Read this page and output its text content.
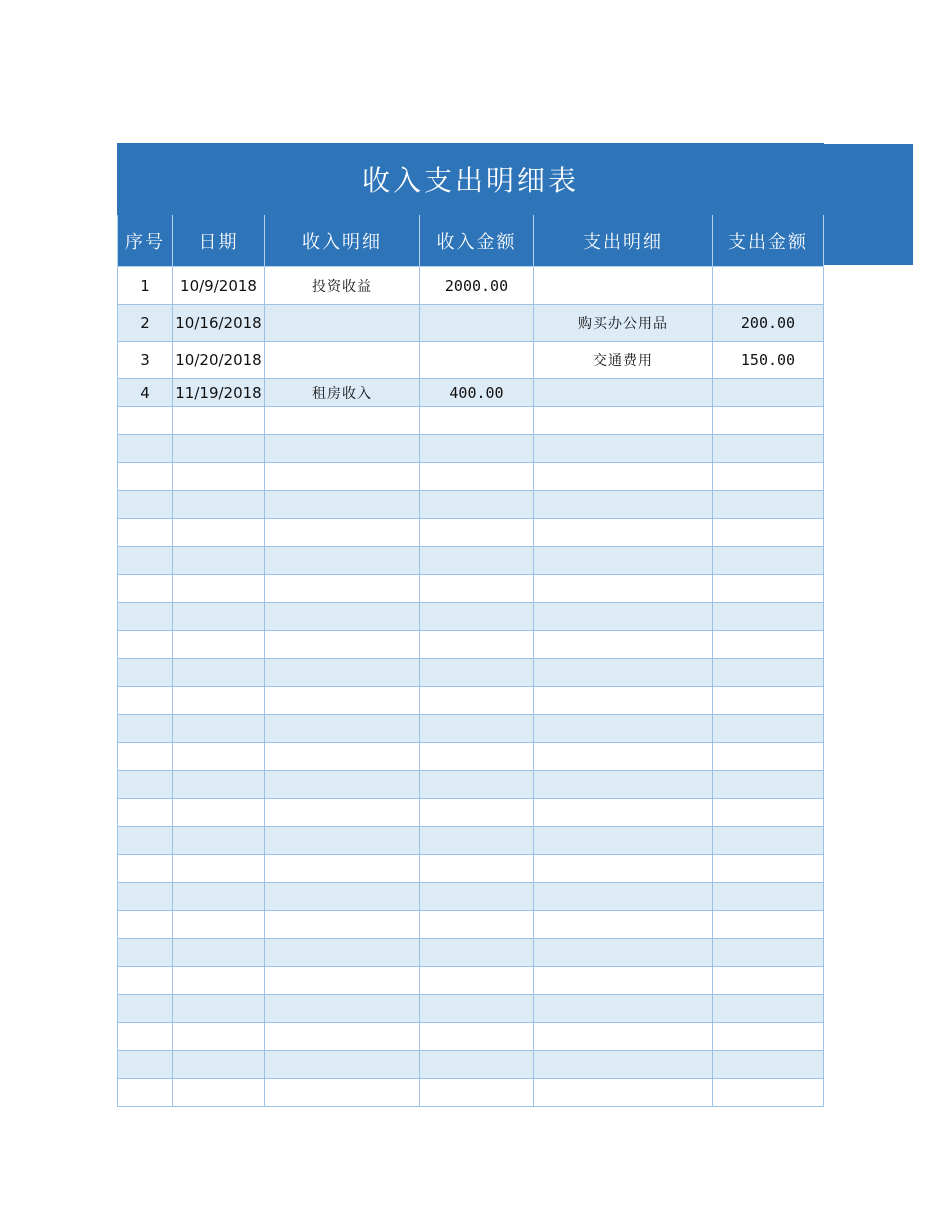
收入支出明细表					
序号	日期	收入明细	收入金额	支出明细	支出金额
1	10/9/2018	投资收益	2000.00		
2	10/16/2018			购买办公用品	200.00
3	10/20/2018			交通费用	150.00
4	11/19/2018	租房收入	400.00		
